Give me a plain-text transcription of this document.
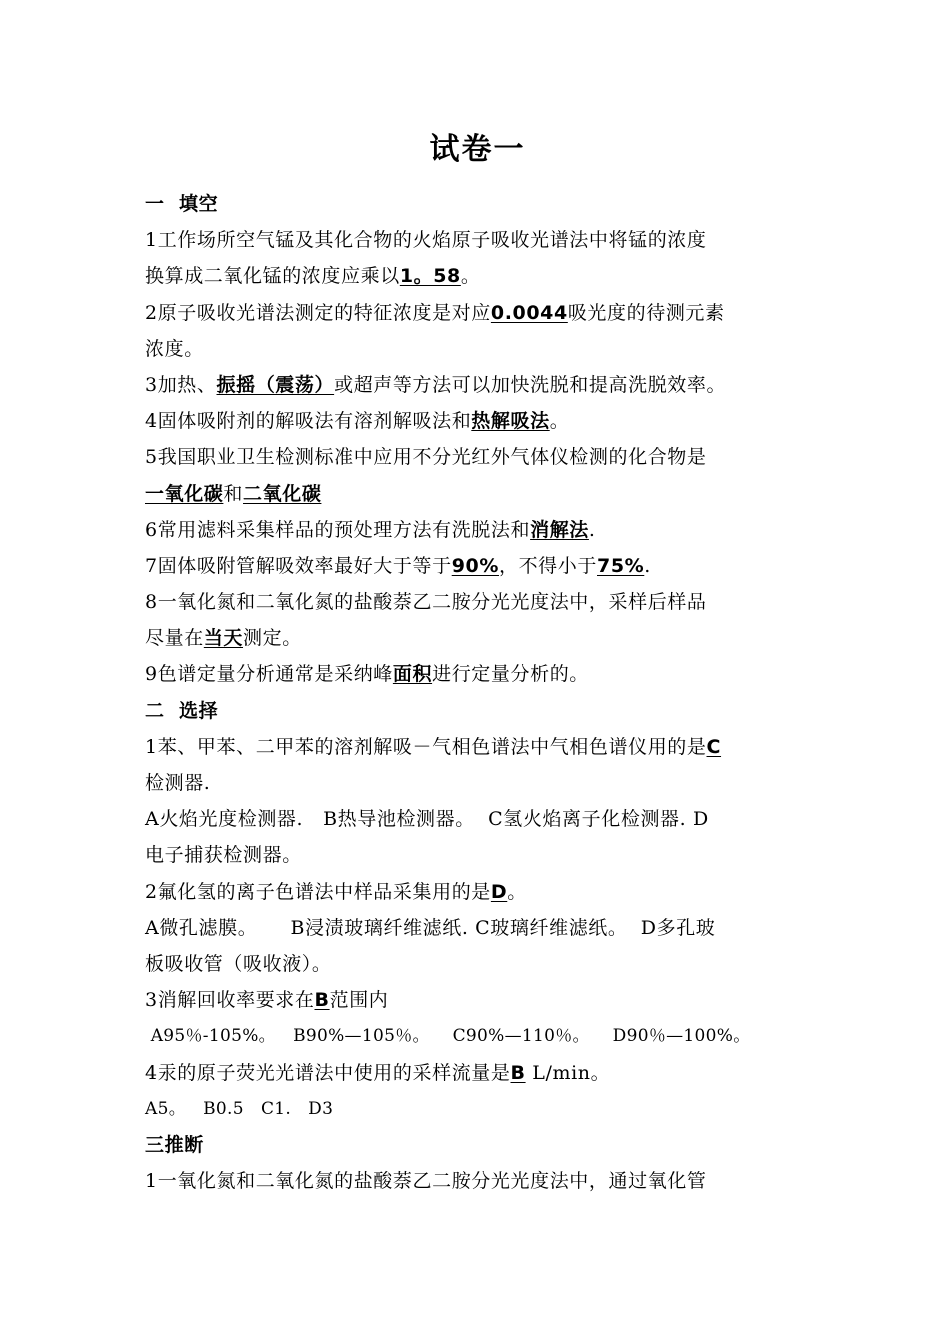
试卷一
一  填空
1工作场所空气锰及其化合物的火焰原子吸收光谱法中将锰的浓度
换算成二氧化锰的浓度应乘以1。58。
2原子吸收光谱法测定的特征浓度是对应0.0044吸光度的待测元素
浓度。
3加热、振摇（震荡）或超声等方法可以加快洗脱和提高洗脱效率。
4固体吸附剂的解吸法有溶剂解吸法和热解吸法。
5我国职业卫生检测标准中应用不分光红外气体仪检测的化合物是
一氧化碳和二氧化碳
6常用滤料采集样品的预处理方法有洗脱法和消解法.
7固体吸附管解吸效率最好大于等于90%，不得小于75%.
8一氧化氮和二氧化氮的盐酸萘乙二胺分光光度法中，采样后样品
尽量在当天测定。
9色谱定量分析通常是采纳峰面积进行定量分析的。
二  选择
1苯、甲苯、二甲苯的溶剂解吸－气相色谱法中气相色谱仪用的是C
检测器.
A火焰光度检测器.   B热导池检测器。  C氢火焰离子化检测器. D
电子捕获检测器。
2氟化氢的离子色谱法中样品采集用的是D。
A微孔滤膜。     B浸渍玻璃纤维滤纸. C玻璃纤维滤纸。  D多孔玻
板吸收管（吸收液）。
3消解回收率要求在B范围内
A95％-105%。   B90%—105％。    C90%—110％。    D90％—100%。
4汞的原子荧光光谱法中使用的采样流量是B L/min。
A5。   B0.5   C1.   D3
三推断
1一氧化氮和二氧化氮的盐酸萘乙二胺分光光度法中，通过氧化管
